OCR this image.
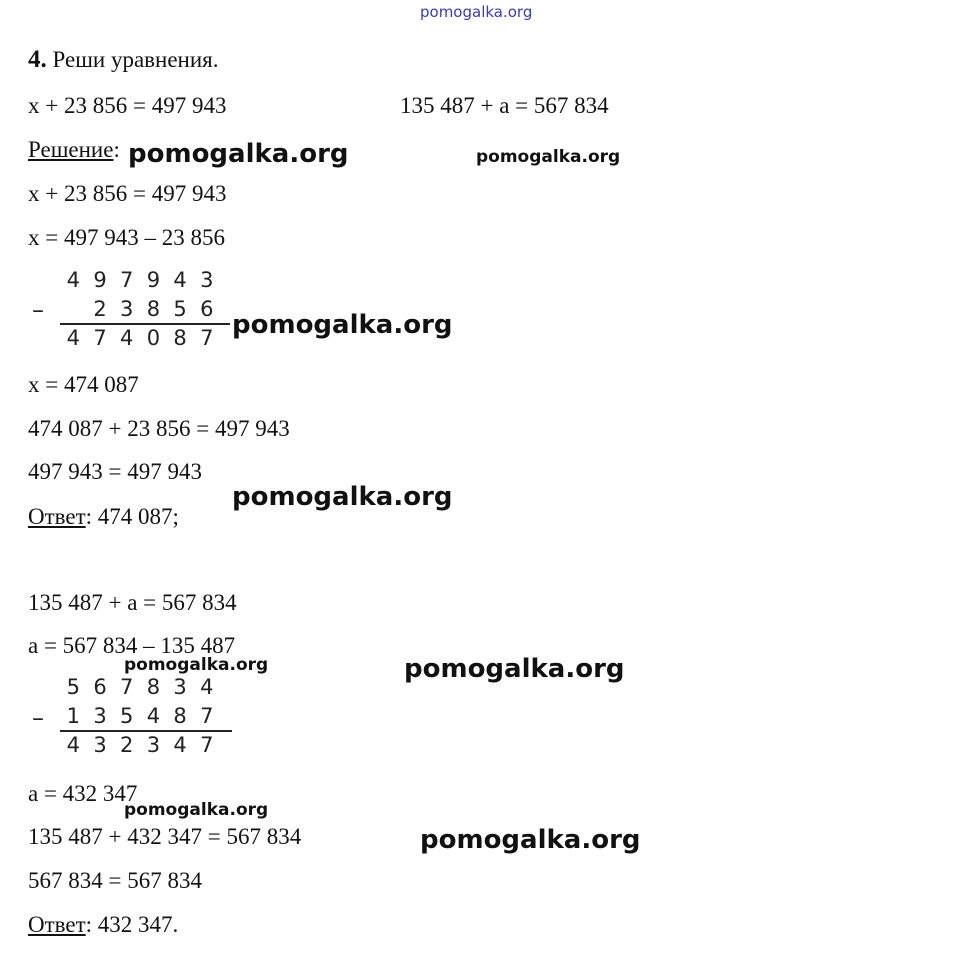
pomogalka.org
4. Реши уравнения.
x + 23 856 = 497 943	135 487 + a = 567 834
Решение: pomogalka.org	pomogalka.org
x + 23 856 = 497 943
x = 497 943 – 23 856
4 9 7 9 4 3
–	2 3 8 5 6
4 7 4 0 8 7 pomogalka.org
x = 474 087
474 087 + 23 856 = 497 943
497 943 = 497 943
Ответ: 474 087;
pomogalka.org
135 487 + a = 567 834
a = 567 834 – 135 487
pomogalka.org	pomogalka.org
5 6 7 8 3 4
–	1 3 5 4 8 7
4 3 2 3 4 7
a = 432 347
pomogalka.org
135 487 + 432 347 = 567 834	pomogalka.org
567 834 = 567 834
Ответ: 432 347.
